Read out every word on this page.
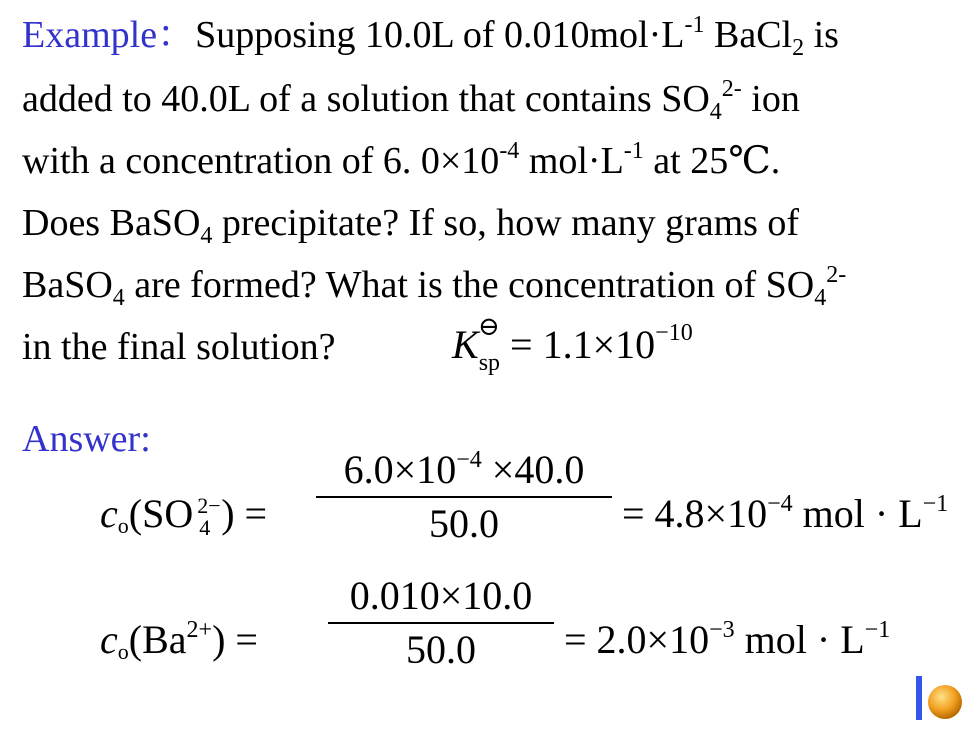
Example：Supposing 10.0L of $0.010mol\cdot L^{-1}$ BaCl$_2$ is
added to 40.0L of a solution that contains $SO_4^{2-}$ ion
with a concentration of 6. $0\times 10^{-4}$ $mol\cdot L^{-1}$ at 25℃.
Does BaSO$_4$ precipitate? If so, how many grams of
BaSO$_4$ are formed? What is the concentration of $SO_4^{2-}$
in the final solution?	$K_{sp}$
⊖ = $1.1\times 10^{-10}$
Answer:
$c_o(SO$ 2−
4 ) =
$6.0\times 10^{-4} \times 40.0$
50.0	= $4.8\times 10^{-4}$ mol · $L^{-1}$
$c_o(Ba^{2+})$ =
0.010×10.0
50.0	= $2.0\times 10^{-3}$ mol · $L^{-1}$
